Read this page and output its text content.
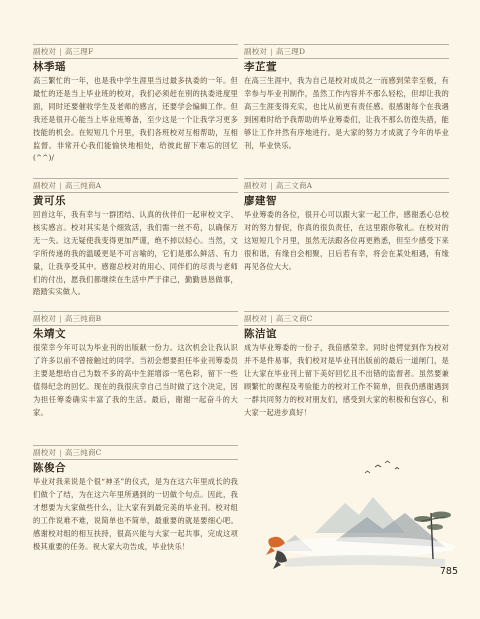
副校对 | 高三理F
林季瑶
高三繁忙的一年，也是我中学生涯里当过最多执委的一年。但最忙的还是当上毕业班的校对，我们必须赶在别的执委进度里面，同时还要催收学生及老师的感言，还要学会编辑工作。但我还是很开心能当上毕业班筹备，至少这是一个让我学习更多技能的机会。在短短几个月里，我们各班校对互相帮助，互相监督。非常开心我们能愉快地相处，给彼此留下难忘的回忆 (^^)/
副校对 | 高三理D
李芷萱
在高三生涯中，我为自己是校对成员之一而感到荣幸至极，有幸参与毕业刊制作，虽然工作内容并不那么轻松，但却让我的高三生涯变得充实，也比从前更有责任感。很感谢每个在我遇到困难时给予我帮助的毕业筹委们，让我不那么彷徨失措，能够让工作井然有序地进行。是大家的努力才成就了今年的毕业刊，毕业快乐。
副校对 | 高三纯商A
黄可乐
回首这年，我有幸与一群团结、认真的伙伴们一起审校文字、核实感言。校对其实是个细致活，我们需一丝不苟，以确保万无一失。这无疑使我变得更加严谨，绝不掉以轻心。当然，文字所传递的我的温暖更是不可言喻的，它们是那么鲜活、有力量，让我享受其中。感谢总校对的用心、同伴们的尽责与老师们的付出，愿我们都继续在生活中严于律己，勤勤恳恳做事，踏踏实实做人。
副校对 | 高三文商A
廖建智
毕业筹委的各位，很开心可以跟大家一起工作，感谢悉心总校对的努力督促，你真的很负责任，在这里跟你敬礼。在校对的这短短几个月里，虽然无法跟各位再更熟悉，但至少感受下来很和谐，有缘自会相聚，日后若有幸，将会在某处相遇，有缘再见各位大大。
副校对 | 高三纯商B
朱靖文
很荣幸今年可以为毕业刊的出版献一份力。这次机会让我认识了许多以前不曾接触过的同学。当初会想要担任毕业刊筹委员主要是想给自己为数不多的高中生涯增添一笔色彩，留下一些值得纪念的回忆。现在的我很庆幸自己当时做了这个决定，因为担任筹委确实丰富了我的生活。最后，谢谢一起奋斗的大家。
副校对 | 高三文商C
陈洁谊
成为毕业筹委的一份子，我倍感荣幸。同时也愕觉到作为校对并不是件易事，我们校对是毕业刊出版前的最后一道闸门，是让大家在毕业刊上留下美好回忆且不出错的监督者。虽然要兼顾繁忙的课程及考验能力的校对工作不简单，但我仍感谢遇到一群共同努力的校对朋友们，感受到大家的积极和包容心，和大家一起进步真好！
副校对 | 高三纯商C
陈俊合
毕业对我来说是个很“神圣”的仪式，是为在这六年里成长的我们做个了结，为在这六年里所遇到的一切做个句点。因此，我才想要为大家做些什么，让大家有到最完美的毕业刊。校对组的工作说难不难，说简单也不简单，最重要的就是要细心吧。感谢校对组的相互扶持，很高兴能与大家一起共事，完成这项极其重要的任务。祝大家大功告成，毕业快乐！
785
